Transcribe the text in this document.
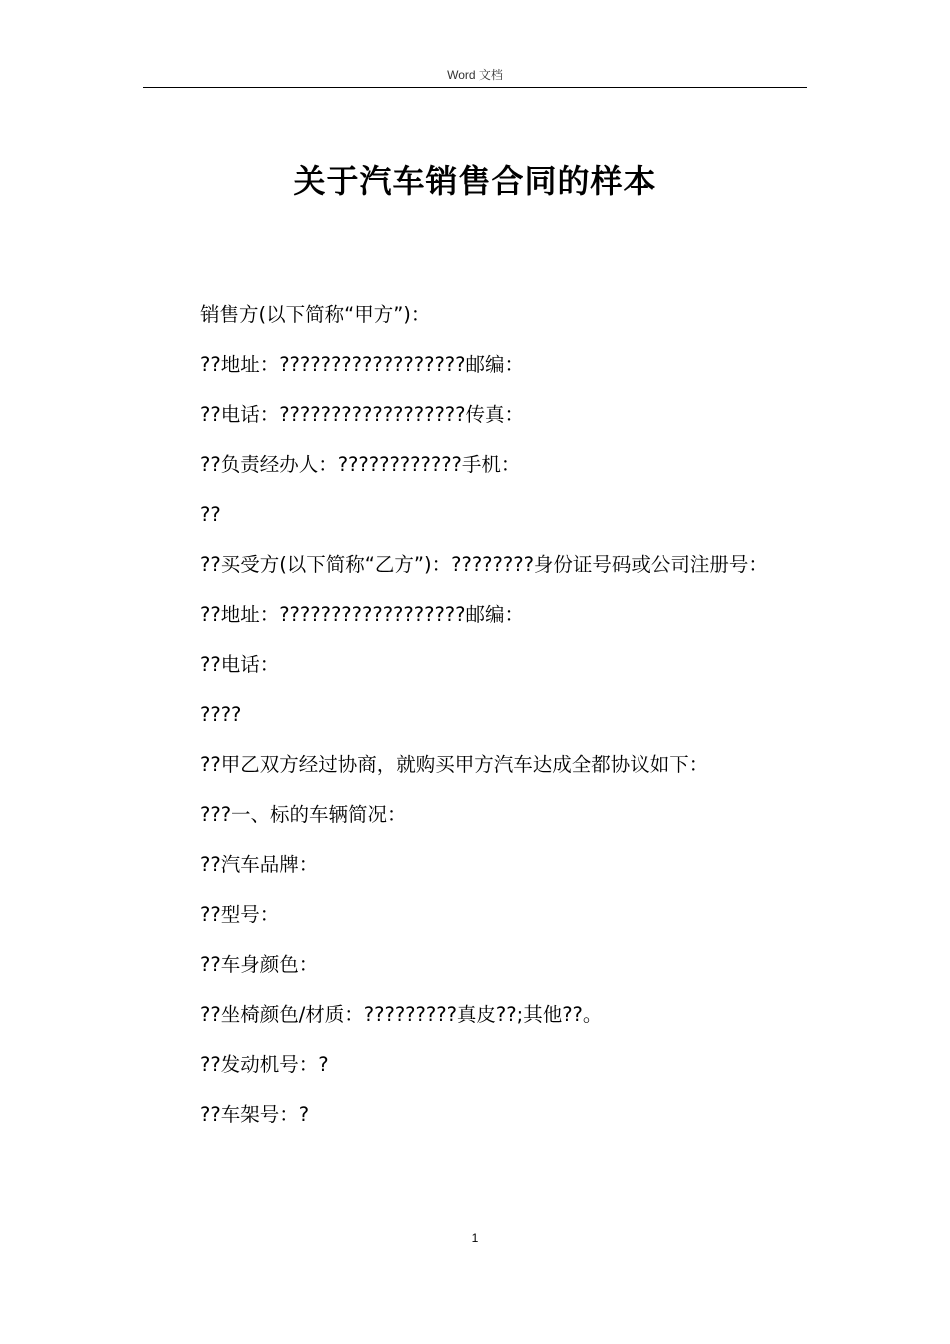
Word 文档
关于汽车销售合同的样本

销售方(以下简称“甲方”)：

??地址：??????????????????邮编：

??电话：??????????????????传真：

??负责经办人：????????????手机：

??

??买受方(以下简称“乙方”)：????????身份证号码或公司注册号：

??地址：??????????????????邮编：

??电话：

????

??甲乙双方经过协商，就购买甲方汽车达成全都协议如下：

???一、标的车辆简况：

??汽车品牌：

??型号：

??车身颜色：

??坐椅颜色/材质：?????????真皮??;其他??。

??发动机号：?

??车架号：?

1
